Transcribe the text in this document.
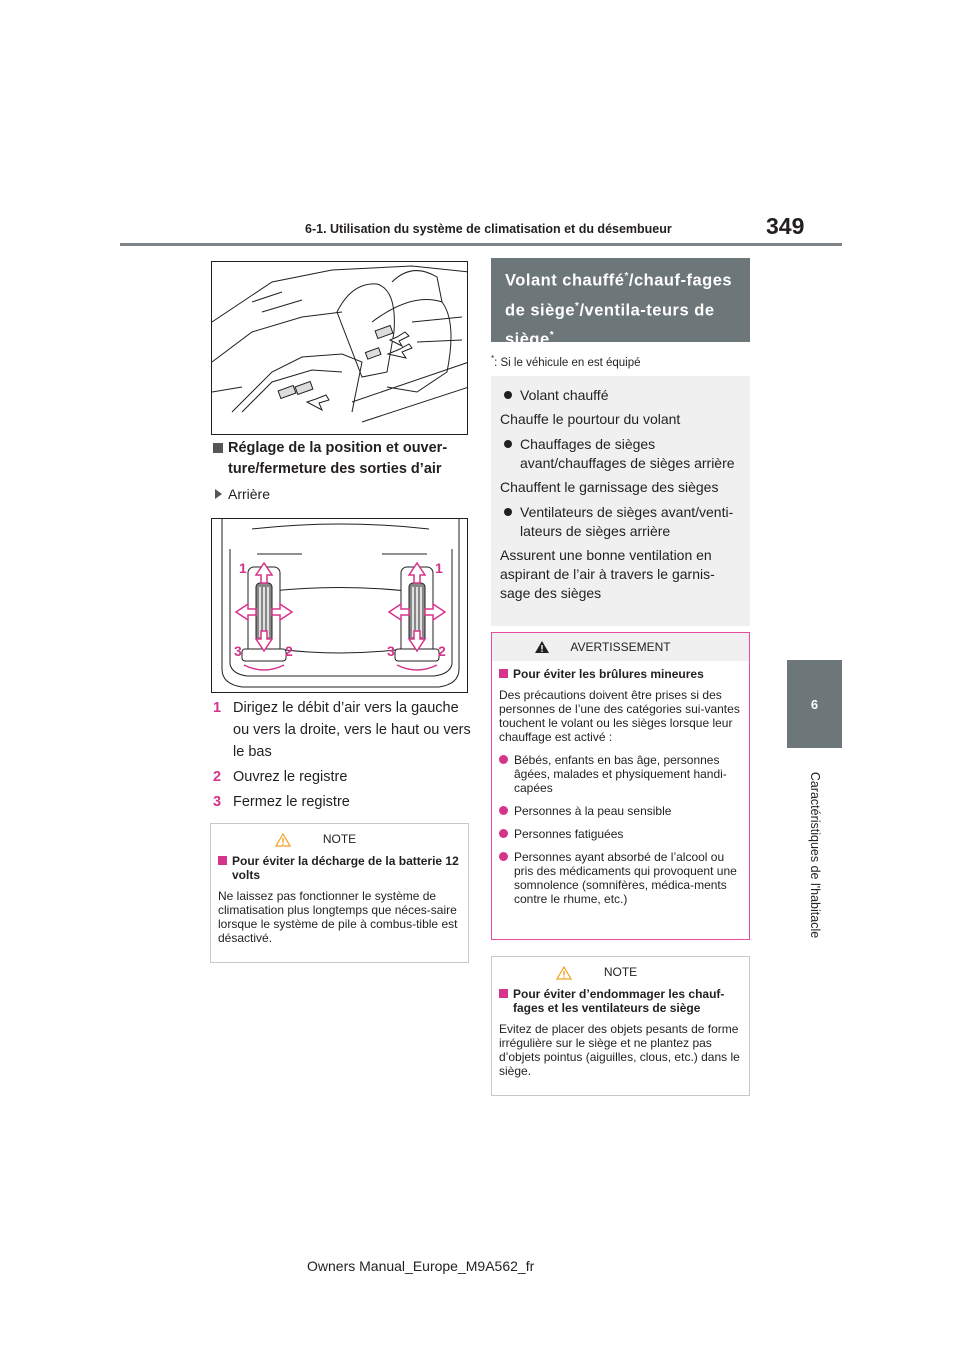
6-1. Utilisation du système de climatisation et du désembueur	349
6
Caractéristiques de l'habitacle
Réglage de la position et ouver-ture/fermeture des sorties d’air
Arrière
1	1
3	2	3	2
1 Dirigez le débit d’air vers la gauche ou vers la droite, vers le haut ou vers le bas
2 Ouvrez le registre
3 Fermez le registre
NOTE
Pour éviter la décharge de la batterie 12 volts
Ne laissez pas fonctionner le système de climatisation plus longtemps que néces-saire lorsque le système de pile à combus-tible est désactivé.
Volant chauffé*/chauf-fages de siège*/ventila-teurs de siège*
*: Si le véhicule en est équipé
Volant chauffé
Chauffe le pourtour du volant
Chauffages de sièges avant/chauffages de sièges arrière
Chauffent le garnissage des sièges
Ventilateurs de sièges avant/venti-lateurs de sièges arrière
Assurent une bonne ventilation en aspirant de l’air à travers le garnis-sage des sièges
AVERTISSEMENT
Pour éviter les brûlures mineures
Des précautions doivent être prises si des personnes de l’une des catégories sui-vantes touchent le volant ou les sièges lorsque leur chauffage est activé :
Bébés, enfants en bas âge, personnes âgées, malades et physiquement handi-capées
Personnes à la peau sensible
Personnes fatiguées
Personnes ayant absorbé de l’alcool ou pris des médicaments qui provoquent une somnolence (somnifères, médica-ments contre le rhume, etc.)
NOTE
Pour éviter d’endommager les chauf-fages et les ventilateurs de siège
Evitez de placer des objets pesants de forme irrégulière sur le siège et ne plantez pas d’objets pointus (aiguilles, clous, etc.) dans le siège.
Owners Manual_Europe_M9A562_fr
